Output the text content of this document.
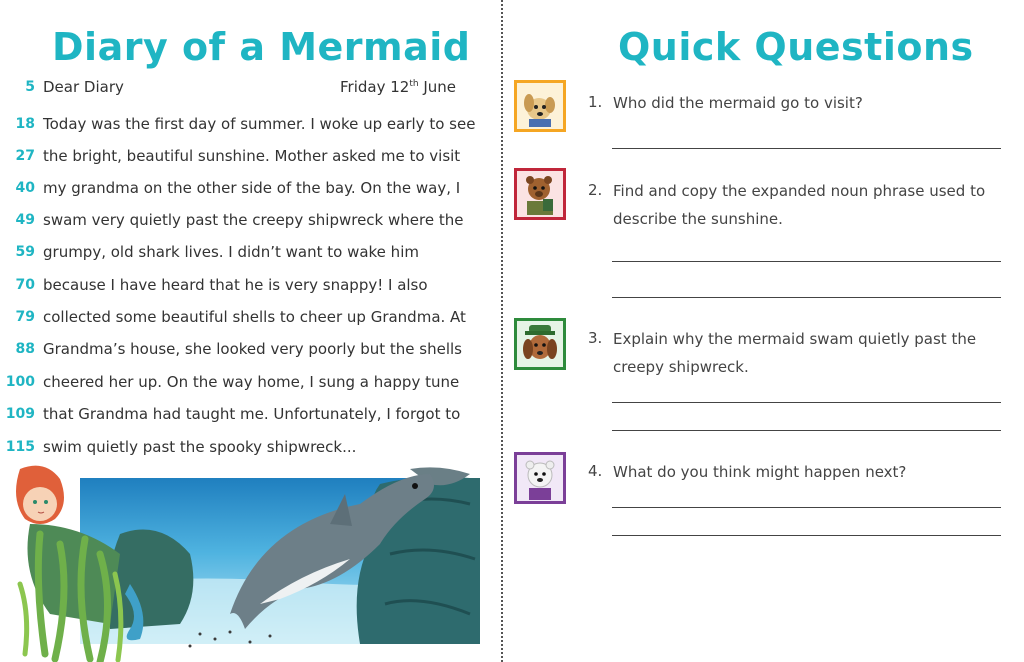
Diary of a Mermaid	Quick Questions
5 Dear Diary	Friday 12th June
18 Today was the first day of summer. I woke up early to see
27 the bright, beautiful sunshine. Mother asked me to visit
40 my grandma on the other side of the bay. On the way, I
49 swam very quietly past the creepy shipwreck where the
59 grumpy, old shark lives. I didn’t want to wake him
70 because I have heard that he is very snappy! I also
79 collected some beautiful shells to cheer up Grandma. At
88 Grandma’s house, she looked very poorly but the shells
100 cheered her up. On the way home, I sung a happy tune
109 that Grandma had taught me. Unfortunately, I forgot to
115 swim quietly past the spooky shipwreck...
1. Who did the mermaid go to visit?
2. Find and copy the expanded noun phrase used to describe the sunshine.
3. Explain why the mermaid swam quietly past the creepy shipwreck.
4. What do you think might happen next?
